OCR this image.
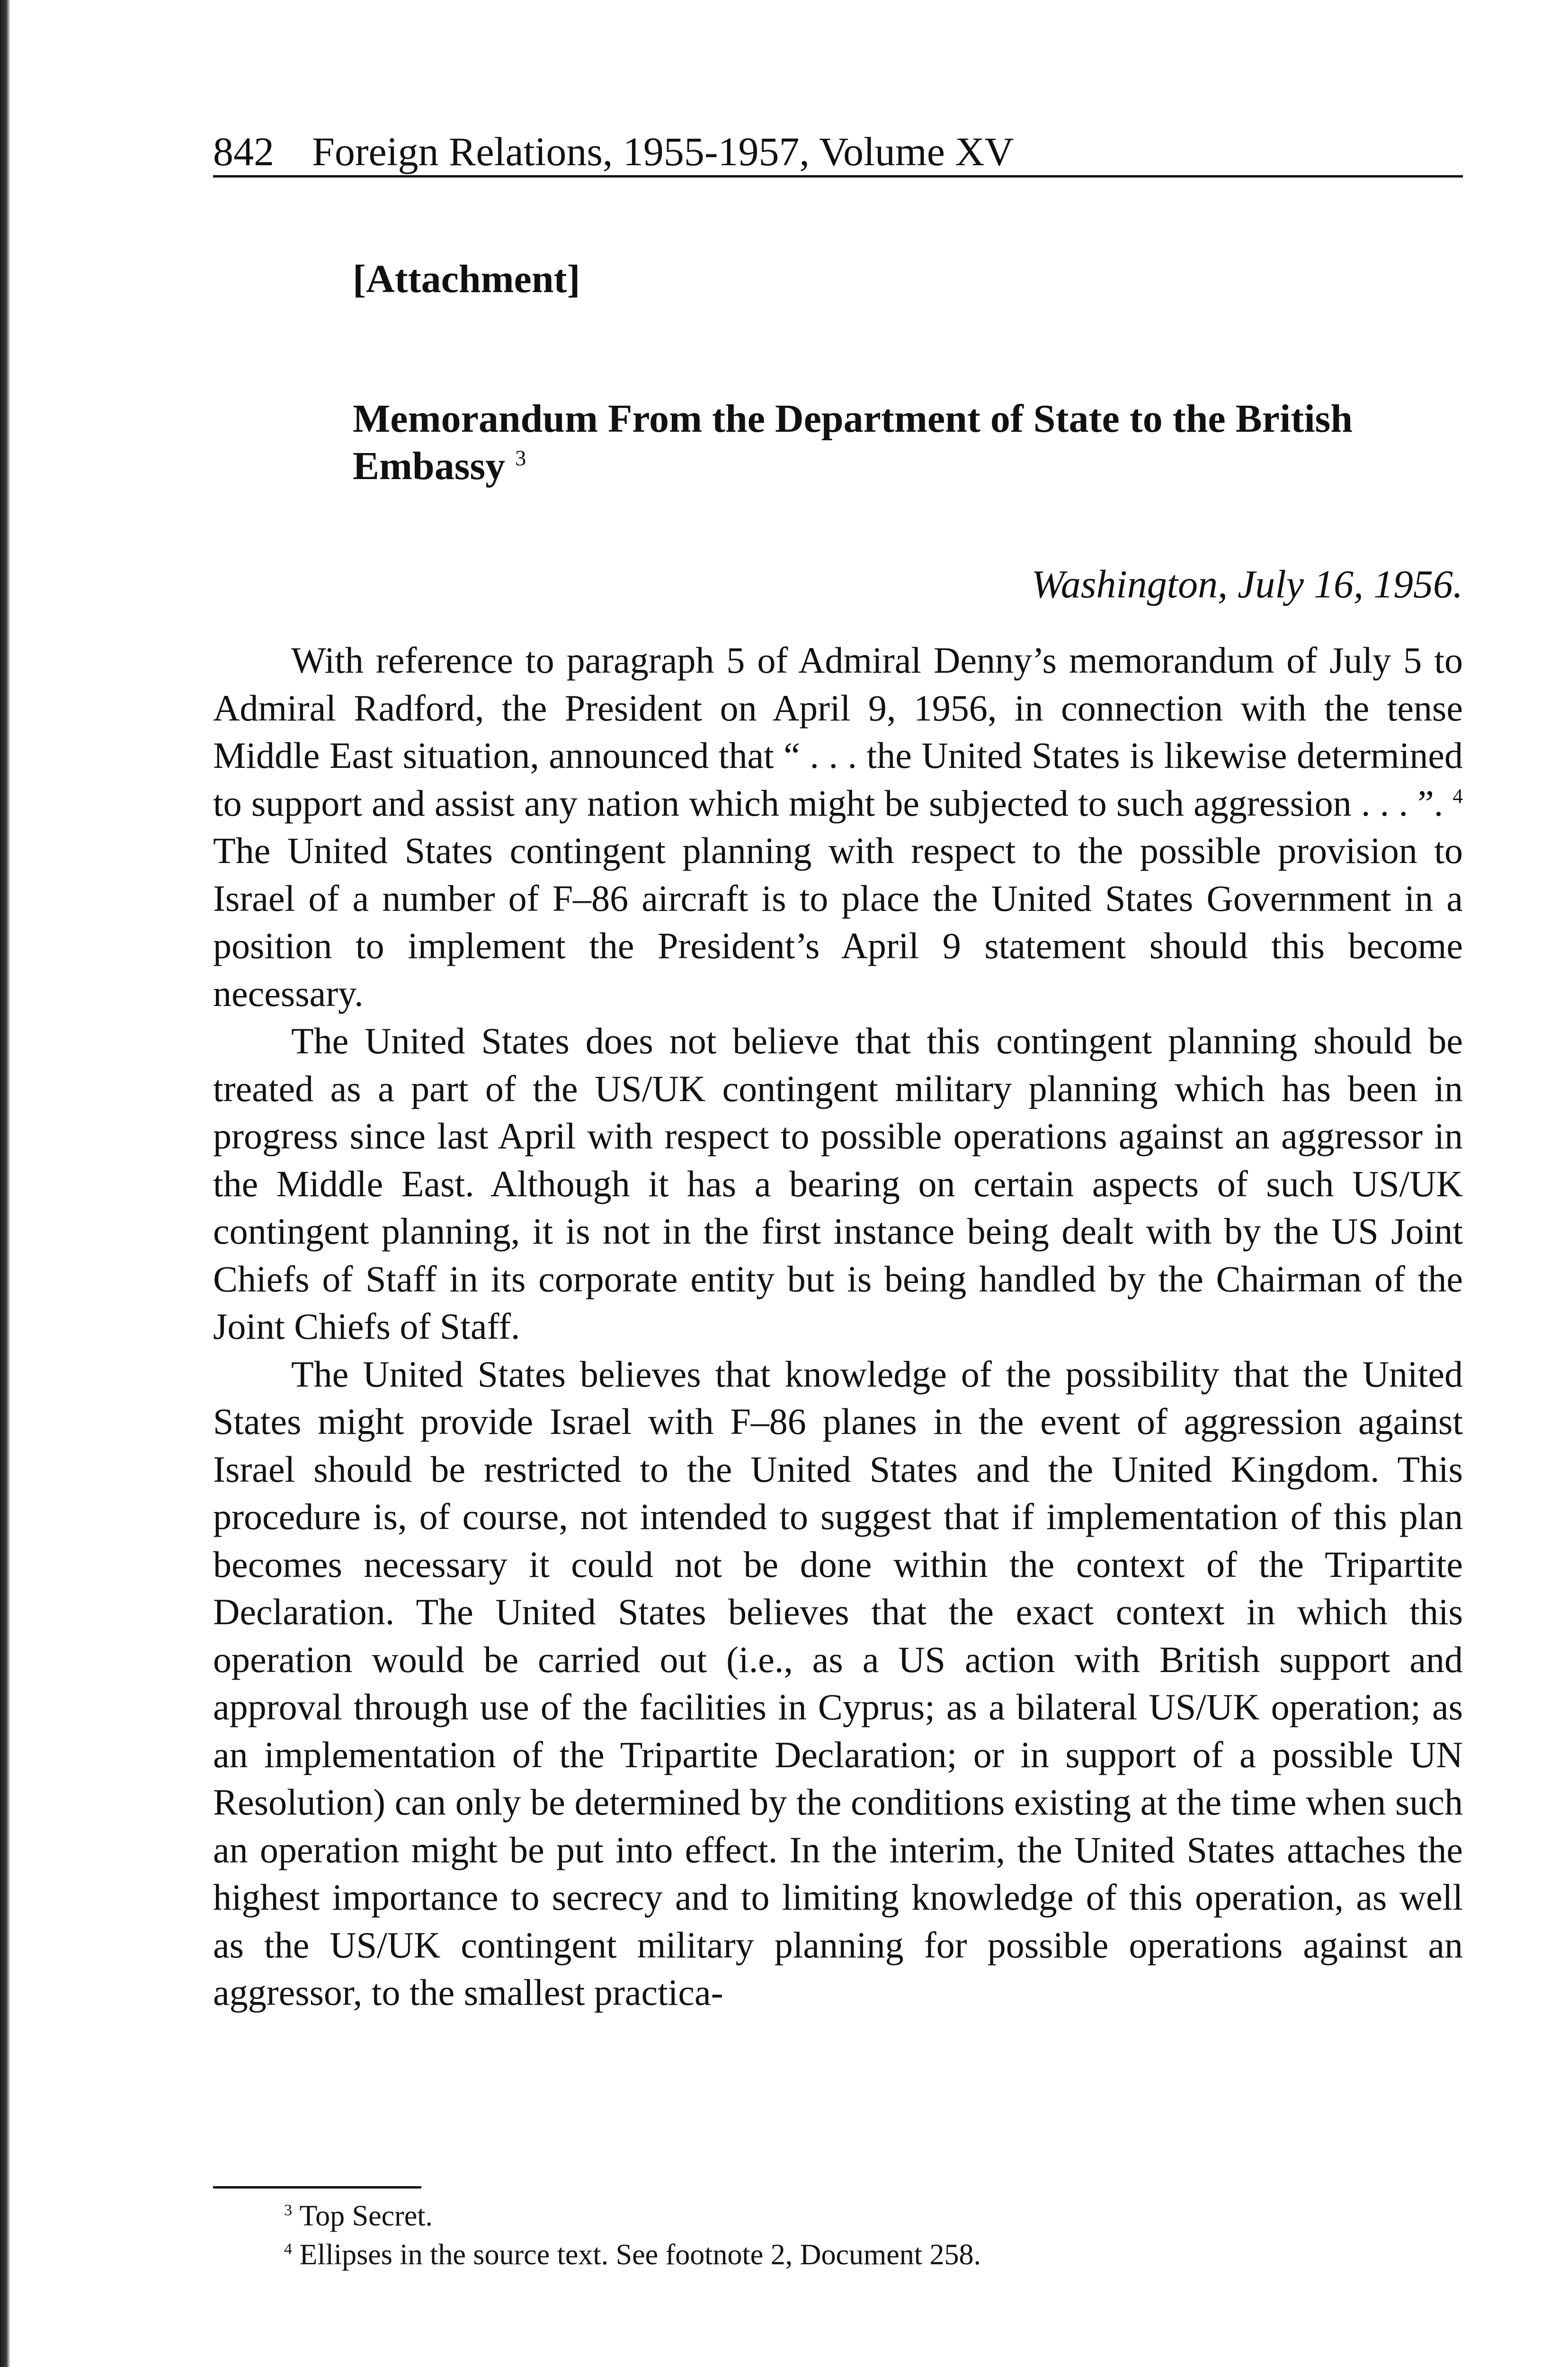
842 Foreign Relations, 1955-1957, Volume XV
[Attachment]
Memorandum From the Department of State to the British Embassy $^3$
Washington, July 16, 1956.

With reference to paragraph 5 of Admiral Denny’s memorandum of July 5 to Admiral Radford, the President on April 9, 1956, in connection with the tense Middle East situation, announced that “ . . . the United States is likewise determined to support and assist any nation which might be subjected to such aggression . . . ”. $^4$ The United States contingent planning with respect to the possible provision to Israel of a number of F–86 aircraft is to place the United States Government in a position to implement the President’s April 9 statement should this become necessary.

The United States does not believe that this contingent planning should be treated as a part of the US/UK contingent military planning which has been in progress since last April with respect to possible operations against an aggressor in the Middle East. Although it has a bearing on certain aspects of such US/UK contingent planning, it is not in the first instance being dealt with by the US Joint Chiefs of Staff in its corporate entity but is being handled by the Chairman of the Joint Chiefs of Staff.

The United States believes that knowledge of the possibility that the United States might provide Israel with F–86 planes in the event of aggression against Israel should be restricted to the United States and the United Kingdom. This procedure is, of course, not intended to suggest that if implementation of this plan becomes necessary it could not be done within the context of the Tripartite Declaration. The United States believes that the exact context in which this operation would be carried out (i.e., as a US action with British support and approval through use of the facilities in Cyprus; as a bilateral US/UK operation; as an implementation of the Tripartite Declaration; or in support of a possible UN Resolution) can only be determined by the conditions existing at the time when such an operation might be put into effect. In the interim, the United States attaches the highest importance to secrecy and to limiting knowledge of this operation, as well as the US/UK contingent military planning for possible operations against an aggressor, to the smallest practica-

$^3$ Top Secret.

$^4$ Ellipses in the source text. See footnote 2, Document 258.
